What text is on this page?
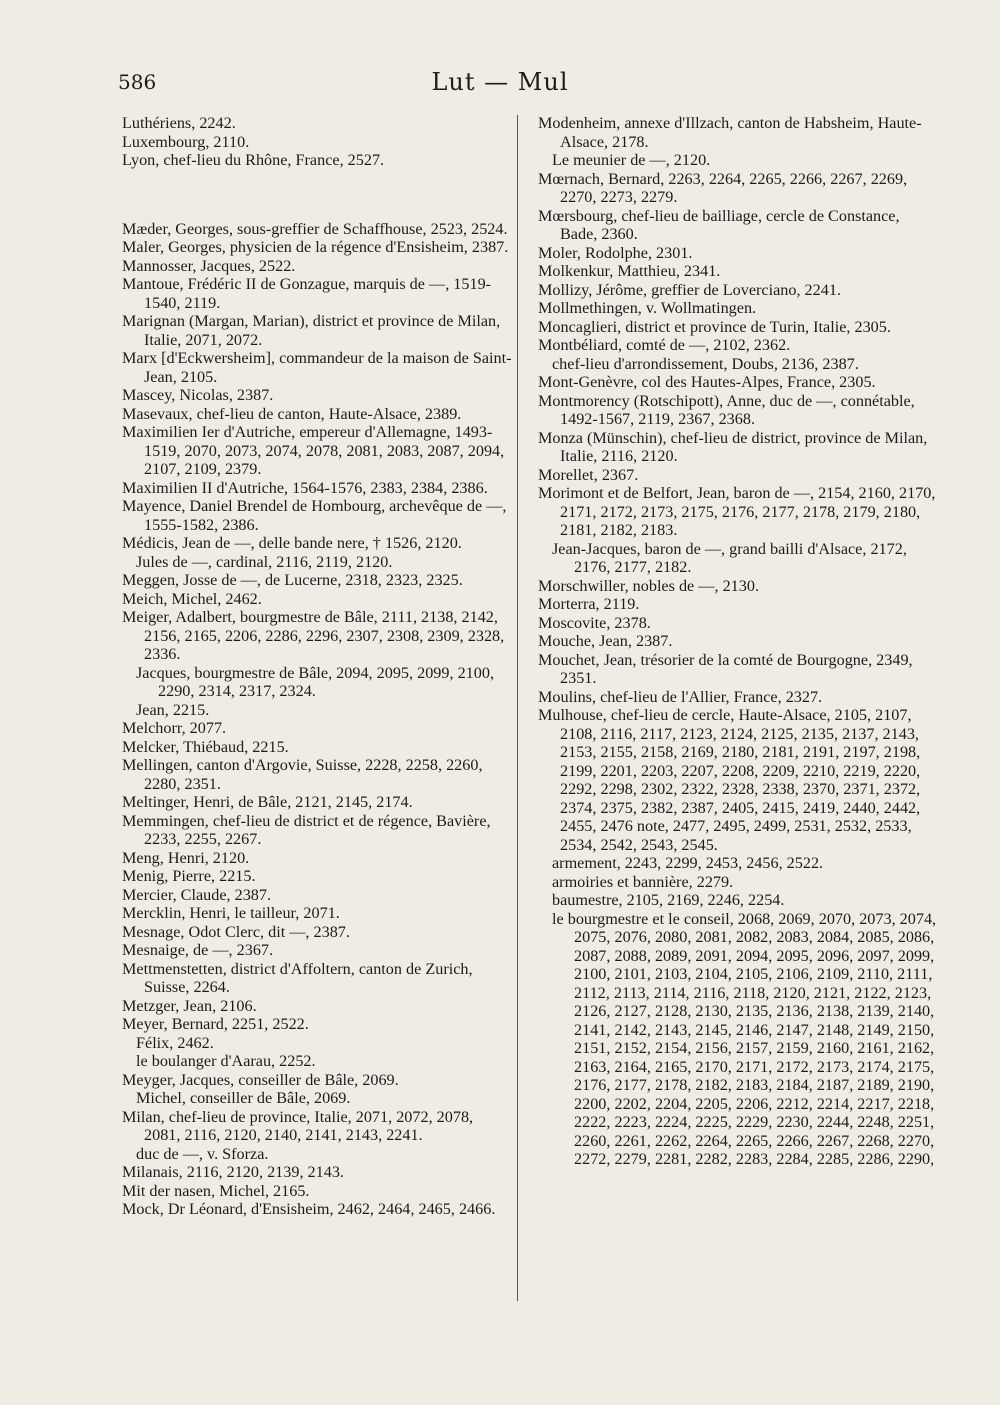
586	Lut — Mul

Luthériens, 2242.

Luxembourg, 2110.

Lyon, chef-lieu du Rhône, France, 2527.

Mæder, Georges, sous-greffier de Schaffhouse, 2523, 2524.

Maler, Georges, physicien de la régence d'Ensisheim, 2387.

Mannosser, Jacques, 2522.

Mantoue, Frédéric II de Gonzague, marquis de —, 1519-1540, 2119.

Marignan (Margan, Marian), district et province de Milan, Italie, 2071, 2072.

Marx [d'Eckwersheim], commandeur de la maison de Saint-Jean, 2105.

Mascey, Nicolas, 2387.

Masevaux, chef-lieu de canton, Haute-Alsace, 2389.

Maximilien Ier d'Autriche, empereur d'Allemagne, 1493-1519, 2070, 2073, 2074, 2078, 2081, 2083, 2087, 2094, 2107, 2109, 2379.

Maximilien II d'Autriche, 1564-1576, 2383, 2384, 2386.

Mayence, Daniel Brendel de Hombourg, archevêque de —, 1555-1582, 2386.

Médicis, Jean de —, delle bande nere, † 1526, 2120.

Jules de —, cardinal, 2116, 2119, 2120.

Meggen, Josse de —, de Lucerne, 2318, 2323, 2325.

Meich, Michel, 2462.

Meiger, Adalbert, bourgmestre de Bâle, 2111, 2138, 2142, 2156, 2165, 2206, 2286, 2296, 2307, 2308, 2309, 2328, 2336.

Jacques, bourgmestre de Bâle, 2094, 2095, 2099, 2100, 2290, 2314, 2317, 2324.

Jean, 2215.

Melchorr, 2077.

Melcker, Thiébaud, 2215.

Mellingen, canton d'Argovie, Suisse, 2228, 2258, 2260, 2280, 2351.

Meltinger, Henri, de Bâle, 2121, 2145, 2174.

Memmingen, chef-lieu de district et de régence, Bavière, 2233, 2255, 2267.

Meng, Henri, 2120.

Menig, Pierre, 2215.

Mercier, Claude, 2387.

Mercklin, Henri, le tailleur, 2071.

Mesnage, Odot Clerc, dit —, 2387.

Mesnaige, de —, 2367.

Mettmenstetten, district d'Affoltern, canton de Zurich, Suisse, 2264.

Metzger, Jean, 2106.

Meyer, Bernard, 2251, 2522.

Félix, 2462.

le boulanger d'Aarau, 2252.

Meyger, Jacques, conseiller de Bâle, 2069.

Michel, conseiller de Bâle, 2069.

Milan, chef-lieu de province, Italie, 2071, 2072, 2078, 2081, 2116, 2120, 2140, 2141, 2143, 2241.

duc de —, v. Sforza.

Milanais, 2116, 2120, 2139, 2143.

Mit der nasen, Michel, 2165.

Mock, Dr Léonard, d'Ensisheim, 2462, 2464, 2465, 2466.

Modenheim, annexe d'Illzach, canton de Habsheim, Haute-Alsace, 2178.

Le meunier de —, 2120.

Mœrnach, Bernard, 2263, 2264, 2265, 2266, 2267, 2269, 2270, 2273, 2279.

Mœrsbourg, chef-lieu de bailliage, cercle de Constance, Bade, 2360.

Moler, Rodolphe, 2301.

Molkenkur, Matthieu, 2341.

Mollizy, Jérôme, greffier de Loverciano, 2241.

Mollmethingen, v. Wollmatingen.

Moncaglieri, district et province de Turin, Italie, 2305.

Montbéliard, comté de —, 2102, 2362.

chef-lieu d'arrondissement, Doubs, 2136, 2387.

Mont-Genèvre, col des Hautes-Alpes, France, 2305.

Montmorency (Rotschipott), Anne, duc de —, connétable, 1492-1567, 2119, 2367, 2368.

Monza (Münschin), chef-lieu de district, province de Milan, Italie, 2116, 2120.

Morellet, 2367.

Morimont et de Belfort, Jean, baron de —, 2154, 2160, 2170, 2171, 2172, 2173, 2175, 2176, 2177, 2178, 2179, 2180, 2181, 2182, 2183.

Jean-Jacques, baron de —, grand bailli d'Alsace, 2172, 2176, 2177, 2182.

Morschwiller, nobles de —, 2130.

Morterra, 2119.

Moscovite, 2378.

Mouche, Jean, 2387.

Mouchet, Jean, trésorier de la comté de Bourgogne, 2349, 2351.

Moulins, chef-lieu de l'Allier, France, 2327.

Mulhouse, chef-lieu de cercle, Haute-Alsace, 2105, 2107, 2108, 2116, 2117, 2123, 2124, 2125, 2135, 2137, 2143, 2153, 2155, 2158, 2169, 2180, 2181, 2191, 2197, 2198, 2199, 2201, 2203, 2207, 2208, 2209, 2210, 2219, 2220, 2292, 2298, 2302, 2322, 2328, 2338, 2370, 2371, 2372, 2374, 2375, 2382, 2387, 2405, 2415, 2419, 2440, 2442, 2455, 2476 note, 2477, 2495, 2499, 2531, 2532, 2533, 2534, 2542, 2543, 2545.

armement, 2243, 2299, 2453, 2456, 2522.

armoiries et bannière, 2279.

baumestre, 2105, 2169, 2246, 2254.

le bourgmestre et le conseil, 2068, 2069, 2070, 2073, 2074, 2075, 2076, 2080, 2081, 2082, 2083, 2084, 2085, 2086, 2087, 2088, 2089, 2091, 2094, 2095, 2096, 2097, 2099, 2100, 2101, 2103, 2104, 2105, 2106, 2109, 2110, 2111, 2112, 2113, 2114, 2116, 2118, 2120, 2121, 2122, 2123, 2126, 2127, 2128, 2130, 2135, 2136, 2138, 2139, 2140, 2141, 2142, 2143, 2145, 2146, 2147, 2148, 2149, 2150, 2151, 2152, 2154, 2156, 2157, 2159, 2160, 2161, 2162, 2163, 2164, 2165, 2170, 2171, 2172, 2173, 2174, 2175, 2176, 2177, 2178, 2182, 2183, 2184, 2187, 2189, 2190, 2200, 2202, 2204, 2205, 2206, 2212, 2214, 2217, 2218, 2222, 2223, 2224, 2225, 2229, 2230, 2244, 2248, 2251, 2260, 2261, 2262, 2264, 2265, 2266, 2267, 2268, 2270, 2272, 2279, 2281, 2282, 2283, 2284, 2285, 2286, 2290,
